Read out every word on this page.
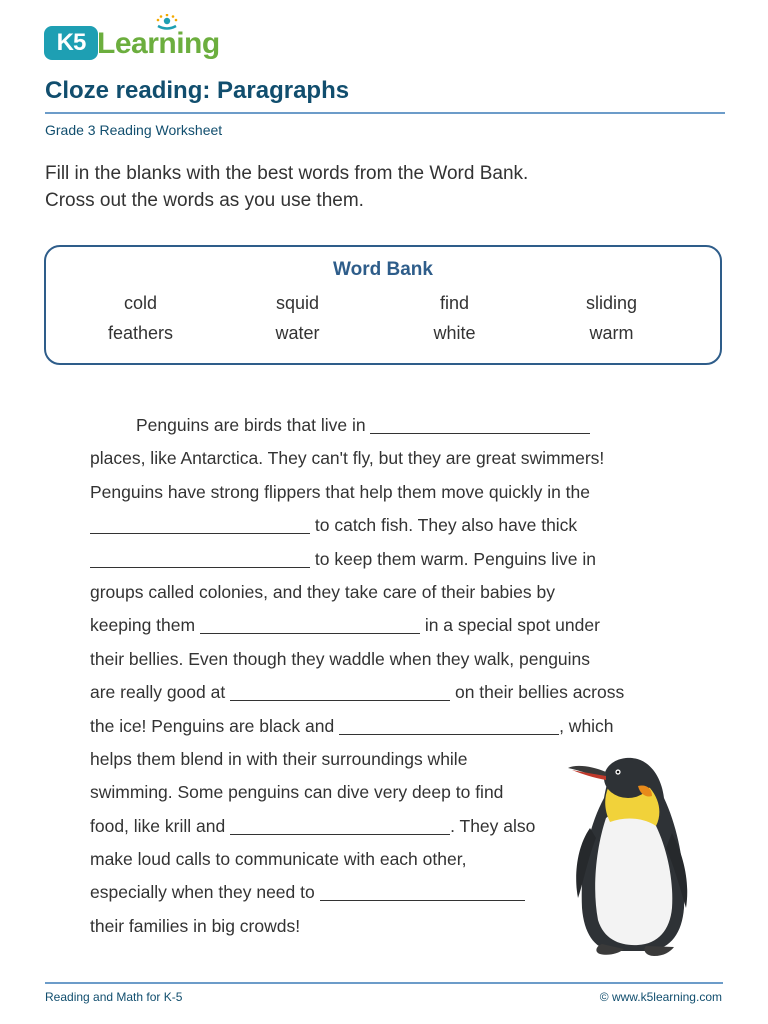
K5 Learning
Cloze reading: Paragraphs
Grade 3 Reading Worksheet
Fill in the blanks with the best words from the Word Bank.
Cross out the words as you use them.
Word Bank
cold	squid	find	sliding
feathers	water	white	warm
Penguins are birds that live in
places, like Antarctica. They can't fly, but they are great swimmers!
Penguins have strong flippers that help them move quickly in the
to catch fish. They also have thick
to keep them warm. Penguins live in
groups called colonies, and they take care of their babies by
keeping them	in a special spot under
their bellies. Even though they waddle when they walk, penguins
are really good at	on their bellies across
the ice! Penguins are black and	, which
helps them blend in with their surroundings while
swimming. Some penguins can dive very deep to find
food, like krill and	. They also
make loud calls to communicate with each other,
especially when they need to
their families in big crowds!
Reading and Math for K-5	© www.k5learning.com
